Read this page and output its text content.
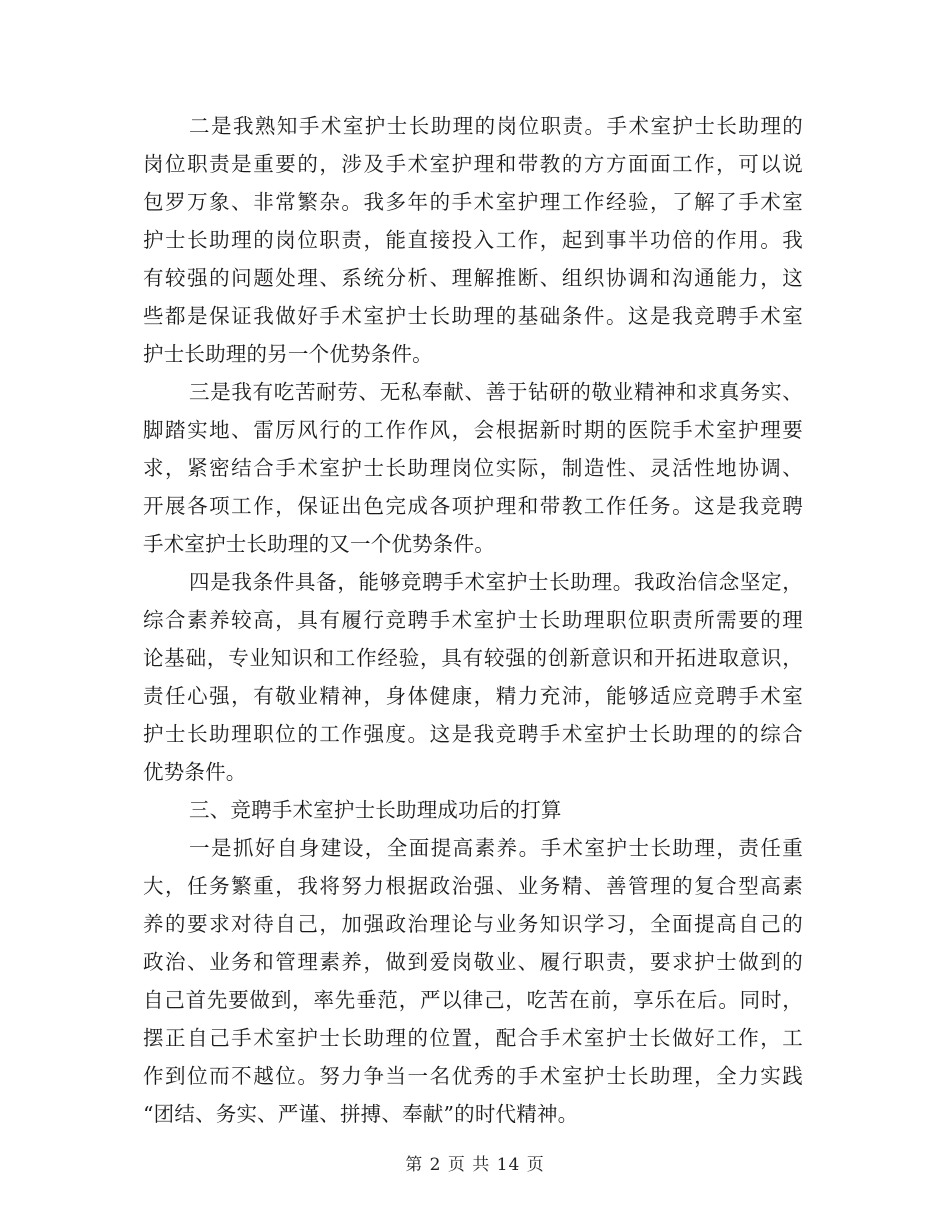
二是我熟知手术室护士长助理的岗位职责。手术室护士长助理的
岗位职责是重要的，涉及手术室护理和带教的方方面面工作，可以说
包罗万象、非常繁杂。我多年的手术室护理工作经验，了解了手术室
护士长助理的岗位职责，能直接投入工作，起到事半功倍的作用。我
有较强的问题处理、系统分析、理解推断、组织协调和沟通能力，这
些都是保证我做好手术室护士长助理的基础条件。这是我竞聘手术室
护士长助理的另一个优势条件。
三是我有吃苦耐劳、无私奉献、善于钻研的敬业精神和求真务实、
脚踏实地、雷厉风行的工作作风，会根据新时期的医院手术室护理要
求，紧密结合手术室护士长助理岗位实际，制造性、灵活性地协调、
开展各项工作，保证出色完成各项护理和带教工作任务。这是我竞聘
手术室护士长助理的又一个优势条件。
四是我条件具备，能够竞聘手术室护士长助理。我政治信念坚定，
综合素养较高，具有履行竞聘手术室护士长助理职位职责所需要的理
论基础，专业知识和工作经验，具有较强的创新意识和开拓进取意识，
责任心强，有敬业精神，身体健康，精力充沛，能够适应竞聘手术室
护士长助理职位的工作强度。这是我竞聘手术室护士长助理的的综合
优势条件。
三、竞聘手术室护士长助理成功后的打算
一是抓好自身建设，全面提高素养。手术室护士长助理，责任重
大，任务繁重，我将努力根据政治强、业务精、善管理的复合型高素
养的要求对待自己，加强政治理论与业务知识学习，全面提高自己的
政治、业务和管理素养，做到爱岗敬业、履行职责，要求护士做到的
自己首先要做到，率先垂范，严以律己，吃苦在前，享乐在后。同时，
摆正自己手术室护士长助理的位置，配合手术室护士长做好工作，工
作到位而不越位。努力争当一名优秀的手术室护士长助理，全力实践
“团结、务实、严谨、拼搏、奉献”的时代精神。
第 2 页 共 14 页
